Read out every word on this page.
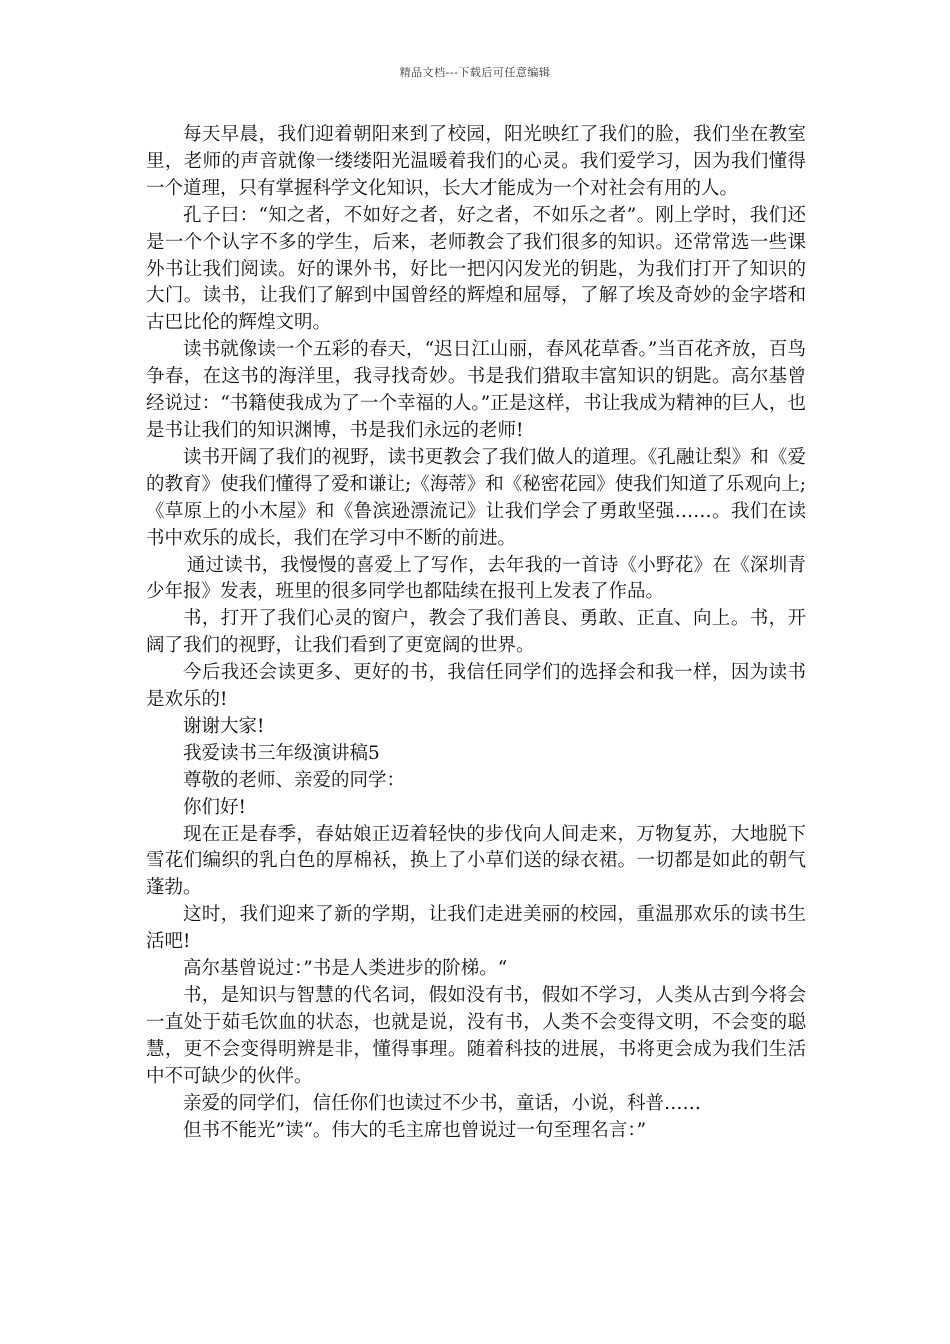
精品文档---下载后可任意编辑

每天早晨，我们迎着朝阳来到了校园，阳光映红了我们的脸，我们坐在教室里，老师的声音就像一缕缕阳光温暖着我们的心灵。我们爱学习，因为我们懂得一个道理，只有掌握科学文化知识，长大才能成为一个对社会有用的人。

孔子曰：“知之者，不如好之者，好之者，不如乐之者”。刚上学时，我们还是一个个认字不多的学生，后来，老师教会了我们很多的知识。还常常选一些课外书让我们阅读。好的课外书，好比一把闪闪发光的钥匙，为我们打开了知识的大门。读书，让我们了解到中国曾经的辉煌和屈辱，了解了埃及奇妙的金字塔和古巴比伦的辉煌文明。

读书就像读一个五彩的春天，“迟日江山丽，春风花草香。”当百花齐放，百鸟争春，在这书的海洋里，我寻找奇妙。书是我们猎取丰富知识的钥匙。高尔基曾经说过：“书籍使我成为了一个幸福的人。”正是这样，书让我成为精神的巨人，也是书让我们的知识渊博，书是我们永远的老师!

读书开阔了我们的视野，读书更教会了我们做人的道理。《孔融让梨》和《爱的教育》使我们懂得了爱和谦让;《海蒂》和《秘密花园》使我们知道了乐观向上;《草原上的小木屋》和《鲁滨逊漂流记》让我们学会了勇敢坚强……。我们在读书中欢乐的成长，我们在学习中不断的前进。

通过读书，我慢慢的喜爱上了写作，去年我的一首诗《小野花》在《深圳青少年报》发表，班里的很多同学也都陆续在报刊上发表了作品。

书，打开了我们心灵的窗户，教会了我们善良、勇敢、正直、向上。书，开阔了我们的视野，让我们看到了更宽阔的世界。

今后我还会读更多、更好的书，我信任同学们的选择会和我一样，因为读书是欢乐的!

谢谢大家!

我爱读书三年级演讲稿5

尊敬的老师、亲爱的同学：

你们好!

现在正是春季，春姑娘正迈着轻快的步伐向人间走来，万物复苏，大地脱下雪花们编织的乳白色的厚棉袄，换上了小草们送的绿衣裙。一切都是如此的朝气蓬勃。

这时，我们迎来了新的学期，让我们走进美丽的校园，重温那欢乐的读书生活吧!

高尔基曾说过：”书是人类进步的阶梯。“

书，是知识与智慧的代名词，假如没有书，假如不学习，人类从古到今将会一直处于茹毛饮血的状态，也就是说，没有书，人类不会变得文明，不会变的聪慧，更不会变得明辨是非，懂得事理。随着科技的进展，书将更会成为我们生活中不可缺少的伙伴。

亲爱的同学们，信任你们也读过不少书，童话，小说，科普……

但书不能光”读“。伟大的毛主席也曾说过一句至理名言：”
